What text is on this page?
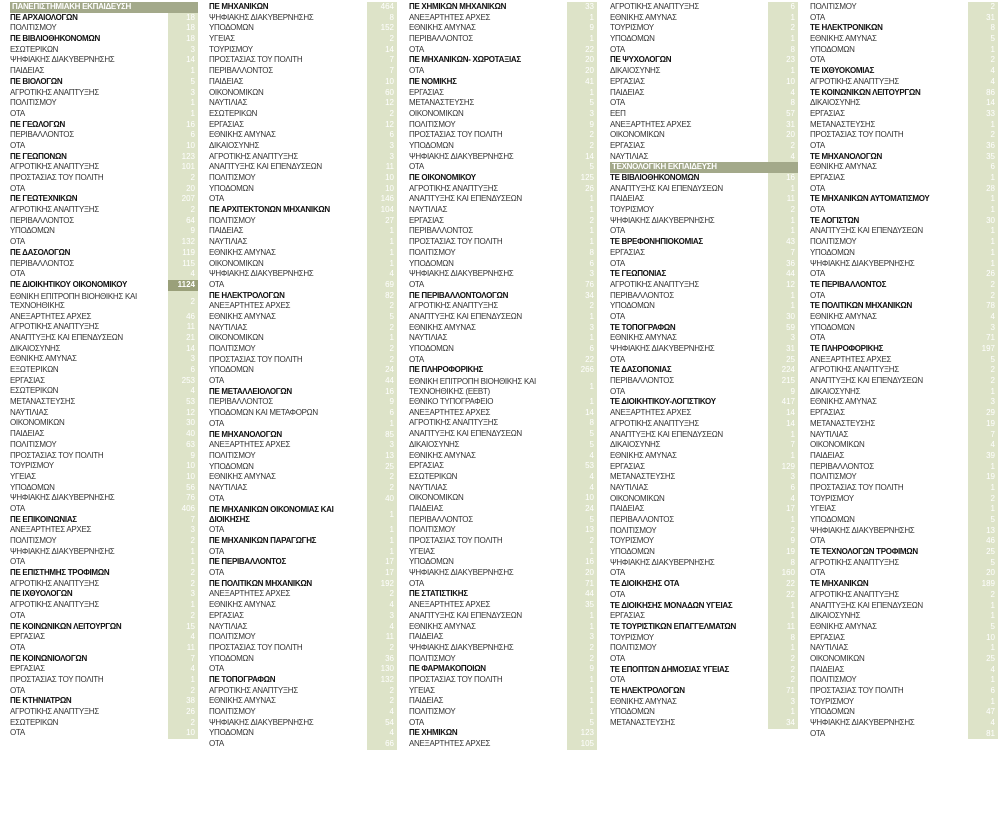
ΠΑΝΕΠΙΣΤΗΜΙΑΚΗ ΕΚΠΑΙΔΕΥΣΗ
ΠΕ ΑΡΧΑΙΟΛΟΓΩΝ	18
ΠΟΛΙΤΙΣΜΟΥ	18
ΠΕ ΒΙΒΛΙΟΘΗΚΟΝΟΜΩΝ	18
ΕΣΩΤΕΡΙΚΩΝ	3
ΨΗΦΙΑΚΗΣ ΔΙΑΚΥΒΕΡΝΗΣΗΣ	14
ΠΑΙΔΕΙΑΣ	1
ΠΕ ΒΙΟΛΟΓΩΝ	5
ΑΓΡΟΤΙΚΗΣ ΑΝΑΠΤΥΞΗΣ	3
ΠΟΛΙΤΙΣΜΟΥ	1
ΟΤΑ	1
ΠΕ ΓΕΩΛΟΓΩΝ	16
ΠΕΡΙΒΑΛΛΟΝΤΟΣ	6
ΟΤΑ	10
ΠΕ ΓΕΩΠΟΝΩΝ	123
ΑΓΡΟΤΙΚΗΣ ΑΝΑΠΤΥΞΗΣ	101
ΠΡΟΣΤΑΣΙΑΣ ΤΟΥ ΠΟΛΙΤΗ	2
ΟΤΑ	20
ΠΕ ΓΕΩΤΕΧΝΙΚΩΝ	207
ΑΓΡΟΤΙΚΗΣ ΑΝΑΠΤΥΞΗΣ	2
ΠΕΡΙΒΑΛΛΟΝΤΟΣ	64
ΥΠΟΔΟΜΩΝ	9
ΟΤΑ	132
ΠΕ ΔΑΣΟΛΟΓΩΝ	119
ΠΕΡΙΒΑΛΛΟΝΤΟΣ	115
ΟΤΑ	4
ΠΕ ΔΙΟΙΚΗΤΙΚΟΥ ΟΙΚΟΝΟΜΙΚΟΥ	1124
ΕΘΝΙΚΗ ΕΠΙΤΡΟΠΗ ΒΙΟΗΘΙΚΗΣ ΚΑΙ ΤΕΧΝΟΗΘΙΚΗΣ	2
ΑΝΕΞΑΡΤΗΤΕΣ ΑΡΧΕΣ	46
ΑΓΡΟΤΙΚΗΣ ΑΝΑΠΤΥΞΗΣ	11
ΑΝΑΠΤΥΞΗΣ ΚΑΙ ΕΠΕΝΔΥΣΕΩΝ	21
ΔΙΚΑΙΟΣΥΝΗΣ	14
ΕΘΝΙΚΗΣ ΑΜΥΝΑΣ	3
ΕΞΩΤΕΡΙΚΩΝ	6
ΕΡΓΑΣΙΑΣ	253
ΕΣΩΤΕΡΙΚΩΝ	4
ΜΕΤΑΝΑΣΤΕΥΣΗΣ	53
ΝΑΥΤΙΛΙΑΣ	12
ΟΙΚΟΝΟΜΙΚΩΝ	30
ΠΑΙΔΕΙΑΣ	40
ΠΟΛΙΤΙΣΜΟΥ	63
ΠΡΟΣΤΑΣΙΑΣ ΤΟΥ ΠΟΛΙΤΗ	9
ΤΟΥΡΙΣΜΟΥ	10
ΥΓΕΙΑΣ	10
ΥΠΟΔΟΜΩΝ	56
ΨΗΦΙΑΚΗΣ ΔΙΑΚΥΒΕΡΝΗΣΗΣ	76
ΟΤΑ	406
ΠΕ ΕΠΙΚΟΙΝΩΝΙΑΣ	7
ΑΝΕΞΑΡΤΗΤΕΣ ΑΡΧΕΣ	3
ΠΟΛΙΤΙΣΜΟΥ	2
ΨΗΦΙΑΚΗΣ ΔΙΑΚΥΒΕΡΝΗΣΗΣ	1
ΟΤΑ	1
ΠΕ ΕΠΙΣΤΗΜΗΣ ΤΡΟΦΙΜΩΝ	2
ΑΓΡΟΤΙΚΗΣ ΑΝΑΠΤΥΞΗΣ	2
ΠΕ ΙΧΘΥΟΛΟΓΩΝ	3
ΑΓΡΟΤΙΚΗΣ ΑΝΑΠΤΥΞΗΣ	1
ΟΤΑ	2
ΠΕ ΚΟΙΝΩΝΙΚΩΝ ΛΕΙΤΟΥΡΓΩΝ	15
ΕΡΓΑΣΙΑΣ	4
ΟΤΑ	11
ΠΕ ΚΟΙΝΩΝΙΟΛΟΓΩΝ	7
ΕΡΓΑΣΙΑΣ	4
ΠΡΟΣΤΑΣΙΑΣ ΤΟΥ ΠΟΛΙΤΗ	1
ΟΤΑ	2
ΠΕ ΚΤΗΝΙΑΤΡΩΝ	38
ΑΓΡΟΤΙΚΗΣ ΑΝΑΠΤΥΞΗΣ	26
ΕΣΩΤΕΡΙΚΩΝ	2
ΟΤΑ	10
ΠΕ ΜΗΧΑΝΙΚΩΝ	464
ΨΗΦΙΑΚΗΣ ΔΙΑΚΥΒΕΡΝΗΣΗΣ	8
ΥΠΟΔΟΜΩΝ	152
ΥΓΕΙΑΣ	2
ΤΟΥΡΙΣΜΟΥ	14
ΠΡΟΣΤΑΣΙΑΣ ΤΟΥ ΠΟΛΙΤΗ	7
ΠΕΡΙΒΑΛΛΟΝΤΟΣ	7
ΠΑΙΔΕΙΑΣ	10
ΟΙΚΟΝΟΜΙΚΩΝ	60
ΝΑΥΤΙΛΙΑΣ	12
ΕΣΩΤΕΡΙΚΩΝ	2
ΕΡΓΑΣΙΑΣ	12
ΕΘΝΙΚΗΣ ΑΜΥΝΑΣ	6
ΔΙΚΑΙΟΣΥΝΗΣ	3
ΑΓΡΟΤΙΚΗΣ ΑΝΑΠΤΥΞΗΣ	3
ΑΝΑΠΤΥΞΗΣ ΚΑΙ ΕΠΕΝΔΥΣΕΩΝ	11
ΠΟΛΙΤΙΣΜΟΥ	10
ΥΠΟΔΟΜΩΝ	10
ΟΤΑ	146
ΠΕ ΑΡΧΙΤΕΚΤΟΝΩΝ ΜΗΧΑΝΙΚΩΝ	104
ΠΟΛΙΤΙΣΜΟΥ	27
ΠΑΙΔΕΙΑΣ	1
ΝΑΥΤΙΛΙΑΣ	1
ΕΘΝΙΚΗΣ ΑΜΥΝΑΣ	1
ΟΙΚΟΝΟΜΙΚΩΝ	1
ΨΗΦΙΑΚΗΣ ΔΙΑΚΥΒΕΡΝΗΣΗΣ	4
ΟΤΑ	69
ΠΕ ΗΛΕΚΤΡΟΛΟΓΩΝ	82
ΑΝΕΞΑΡΤΗΤΕΣ ΑΡΧΕΣ	2
ΕΘΝΙΚΗΣ ΑΜΥΝΑΣ	5
ΝΑΥΤΙΛΙΑΣ	2
ΟΙΚΟΝΟΜΙΚΩΝ	1
ΠΟΛΙΤΙΣΜΟΥ	2
ΠΡΟΣΤΑΣΙΑΣ ΤΟΥ ΠΟΛΙΤΗ	2
ΥΠΟΔΟΜΩΝ	24
ΟΤΑ	44
ΠΕ ΜΕΤΑΛΛΕΙΟΛΟΓΩΝ	16
ΠΕΡΙΒΑΛΛΟΝΤΟΣ	9
ΥΠΟΔΟΜΩΝ ΚΑΙ ΜΕΤΑΦΟΡΩΝ	6
ΟΤΑ	1
ΠΕ ΜΗΧΑΝΟΛΟΓΩΝ	85
ΑΝΕΞΑΡΤΗΤΕΣ ΑΡΧΕΣ	3
ΠΟΛΙΤΙΣΜΟΥ	13
ΥΠΟΔΟΜΩΝ	25
ΕΘΝΙΚΗΣ ΑΜΥΝΑΣ	2
ΝΑΥΤΙΛΙΑΣ	2
ΟΤΑ	40
ΠΕ ΜΗΧΑΝΙΚΩΝ ΟΙΚΟΝΟΜΙΑΣ ΚΑΙ ΔΙΟΙΚΗΣΗΣ	1
ΟΤΑ	1
ΠΕ ΜΗΧΑΝΙΚΩΝ ΠΑΡΑΓΩΓΗΣ	1
ΟΤΑ	1
ΠΕ ΠΕΡΙΒΑΛΛΟΝΤΟΣ	17
ΟΤΑ	17
ΠΕ ΠΟΛΙΤΙΚΩΝ ΜΗΧΑΝΙΚΩΝ	192
ΑΝΕΞΑΡΤΗΤΕΣ ΑΡΧΕΣ	2
ΕΘΝΙΚΗΣ ΑΜΥΝΑΣ	4
ΕΡΓΑΣΙΑΣ	3
ΝΑΥΤΙΛΙΑΣ	4
ΠΟΛΙΤΙΣΜΟΥ	11
ΠΡΟΣΤΑΣΙΑΣ ΤΟΥ ΠΟΛΙΤΗ	2
ΥΠΟΔΟΜΩΝ	36
ΟΤΑ	130
ΠΕ ΤΟΠΟΓΡΑΦΩΝ	132
ΑΓΡΟΤΙΚΗΣ ΑΝΑΠΤΥΞΗΣ	2
ΕΘΝΙΚΗΣ ΑΜΥΝΑΣ	2
ΠΟΛΙΤΙΣΜΟΥ	4
ΨΗΦΙΑΚΗΣ ΔΙΑΚΥΒΕΡΝΗΣΗΣ	54
ΥΠΟΔΟΜΩΝ	4
ΟΤΑ	66
ΠΕ ΧΗΜΙΚΩΝ ΜΗΧΑΝΙΚΩΝ	33
ΑΝΕΞΑΡΤΗΤΕΣ ΑΡΧΕΣ	1
ΕΘΝΙΚΗΣ ΑΜΥΝΑΣ	9
ΠΕΡΙΒΑΛΛΟΝΤΟΣ	1
ΟΤΑ	22
ΠΕ ΜΗΧΑΝΙΚΩΝ- ΧΩΡΟΤΑΞΙΑΣ	20
ΟΤΑ	20
ΠΕ ΝΟΜΙΚΗΣ	41
ΕΡΓΑΣΙΑΣ	1
ΜΕΤΑΝΑΣΤΕΥΣΗΣ	5
ΟΙΚΟΝΟΜΙΚΩΝ	3
ΠΟΛΙΤΙΣΜΟΥ	9
ΠΡΟΣΤΑΣΙΑΣ ΤΟΥ ΠΟΛΙΤΗ	2
ΥΠΟΔΟΜΩΝ	2
ΨΗΦΙΑΚΗΣ ΔΙΑΚΥΒΕΡΝΗΣΗΣ	14
ΟΤΑ	5
ΠΕ ΟΙΚΟΝΟΜΙΚΟΥ	125
ΑΓΡΟΤΙΚΗΣ ΑΝΑΠΤΥΞΗΣ	26
ΑΝΑΠΤΥΞΗΣ ΚΑΙ ΕΠΕΝΔΥΣΕΩΝ	1
ΝΑΥΤΙΛΙΑΣ	1
ΕΡΓΑΣΙΑΣ	2
ΠΕΡΙΒΑΛΛΟΝΤΟΣ	1
ΠΡΟΣΤΑΣΙΑΣ ΤΟΥ ΠΟΛΙΤΗ	1
ΠΟΛΙΤΙΣΜΟΥ	8
ΥΠΟΔΟΜΩΝ	6
ΨΗΦΙΑΚΗΣ ΔΙΑΚΥΒΕΡΝΗΣΗΣ	3
ΟΤΑ	76
ΠΕ ΠΕΡΙΒΑΛΛΟΝΤΟΛΟΓΩΝ	34
ΑΓΡΟΤΙΚΗΣ ΑΝΑΠΤΥΞΗΣ	2
ΑΝΑΠΤΥΞΗΣ ΚΑΙ ΕΠΕΝΔΥΣΕΩΝ	1
ΕΘΝΙΚΗΣ ΑΜΥΝΑΣ	3
ΝΑΥΤΙΛΙΑΣ	1
ΥΠΟΔΟΜΩΝ	6
ΟΤΑ	22
ΠΕ ΠΛΗΡΟΦΟΡΙΚΗΣ	266
ΕΘΝΙΚΗ ΕΠΙΤΡΟΠΗ ΒΙΟΗΘΙΚΗΣ ΚΑΙ ΤΕΧΝΟΗΘΙΚΗΣ (ΕΕΒΤ)	1
ΕΘΝΙΚΟ ΤΥΠΟΓΡΑΦΕΙΟ	1
ΑΝΕΞΑΡΤΗΤΕΣ ΑΡΧΕΣ	14
ΑΓΡΟΤΙΚΗΣ ΑΝΑΠΤΥΞΗΣ	8
ΑΝΑΠΤΥΞΗΣ ΚΑΙ ΕΠΕΝΔΥΣΕΩΝ	5
ΔΙΚΑΙΟΣΥΝΗΣ	5
ΕΘΝΙΚΗΣ ΑΜΥΝΑΣ	4
ΕΡΓΑΣΙΑΣ	53
ΕΣΩΤΕΡΙΚΩΝ	4
ΝΑΥΤΙΛΙΑΣ	4
ΟΙΚΟΝΟΜΙΚΩΝ	10
ΠΑΙΔΕΙΑΣ	24
ΠΕΡΙΒΑΛΛΟΝΤΟΣ	5
ΠΟΛΙΤΙΣΜΟΥ	13
ΠΡΟΣΤΑΣΙΑΣ ΤΟΥ ΠΟΛΙΤΗ	2
ΥΓΕΙΑΣ	1
ΥΠΟΔΟΜΩΝ	16
ΨΗΦΙΑΚΗΣ ΔΙΑΚΥΒΕΡΝΗΣΗΣ	20
ΟΤΑ	71
ΠΕ ΣΤΑΤΙΣΤΙΚΗΣ	44
ΑΝΕΞΑΡΤΗΤΕΣ ΑΡΧΕΣ	35
ΑΝΑΠΤΥΞΗΣ ΚΑΙ ΕΠΕΝΔΥΣΕΩΝ	1
ΕΘΝΙΚΗΣ ΑΜΥΝΑΣ	1
ΠΑΙΔΕΙΑΣ	3
ΨΗΦΙΑΚΗΣ ΔΙΑΚΥΒΕΡΝΗΣΗΣ	2
ΠΟΛΙΤΙΣΜΟΥ	2
ΠΕ ΦΑΡΜΑΚΟΠΟΙΩΝ	9
ΠΡΟΣΤΑΣΙΑΣ ΤΟΥ ΠΟΛΙΤΗ	1
ΥΓΕΙΑΣ	1
ΠΑΙΔΕΙΑΣ	1
ΠΟΛΙΤΙΣΜΟΥ	1
ΟΤΑ	5
ΠΕ ΧΗΜΙΚΩΝ	123
ΑΝΕΞΑΡΤΗΤΕΣ ΑΡΧΕΣ	105
ΑΓΡΟΤΙΚΗΣ ΑΝΑΠΤΥΞΗΣ	6
ΕΘΝΙΚΗΣ ΑΜΥΝΑΣ	1
ΤΟΥΡΙΣΜΟΥ	2
ΥΠΟΔΟΜΩΝ	1
ΟΤΑ	8
ΠΕ ΨΥΧΟΛΟΓΩΝ	23
ΔΙΚΑΙΟΣΥΝΗΣ	1
ΕΡΓΑΣΙΑΣ	10
ΠΑΙΔΕΙΑΣ	4
ΟΤΑ	8
ΕΕΠ	57
ΑΝΕΞΑΡΤΗΤΕΣ ΑΡΧΕΣ	31
ΟΙΚΟΝΟΜΙΚΩΝ	20
ΕΡΓΑΣΙΑΣ	2
ΝΑΥΤΙΛΙΑΣ	4
ΤΕΧΝΟΛΟΓΙΚΗ ΕΚΠΑΙΔΕΥΣΗ
ΤΕ ΒΙΒΛΙΟΘΗΚΟΝΟΜΩΝ	16
ΑΝΑΠΤΥΞΗΣ ΚΑΙ ΕΠΕΝΔΥΣΕΩΝ	1
ΠΑΙΔΕΙΑΣ	11
ΤΟΥΡΙΣΜΟΥ	2
ΨΗΦΙΑΚΗΣ ΔΙΑΚΥΒΕΡΝΗΣΗΣ	1
ΟΤΑ	1
ΤΕ ΒΡΕΦΟΝΗΠΙΟΚΟΜΙΑΣ	43
ΕΡΓΑΣΙΑΣ	7
ΟΤΑ	36
ΤΕ ΓΕΩΠΟΝΙΑΣ	44
ΑΓΡΟΤΙΚΗΣ ΑΝΑΠΤΥΞΗΣ	12
ΠΕΡΙΒΑΛΛΟΝΤΟΣ	1
ΥΠΟΔΟΜΩΝ	1
ΟΤΑ	30
ΤΕ ΤΟΠΟΓΡΑΦΩΝ	59
ΕΘΝΙΚΗΣ ΑΜΥΝΑΣ	3
ΨΗΦΙΑΚΗΣ ΔΙΑΚΥΒΕΡΝΗΣΗΣ	31
ΟΤΑ	25
ΤΕ ΔΑΣΟΠΟΝΙΑΣ	224
ΠΕΡΙΒΑΛΛΟΝΤΟΣ	215
ΟΤΑ	9
ΤΕ ΔΙΟΙΚΗΤΙΚΟΥ-ΛΟΓΙΣΤΙΚΟΥ	417
ΑΝΕΞΑΡΤΗΤΕΣ ΑΡΧΕΣ	14
ΑΓΡΟΤΙΚΗΣ ΑΝΑΠΤΥΞΗΣ	14
ΑΝΑΠΤΥΞΗΣ ΚΑΙ ΕΠΕΝΔΥΣΕΩΝ	1
ΔΙΚΑΙΟΣΥΝΗΣ	7
ΕΘΝΙΚΗΣ ΑΜΥΝΑΣ	1
ΕΡΓΑΣΙΑΣ	129
ΜΕΤΑΝΑΣΤΕΥΣΗΣ	3
ΝΑΥΤΙΛΙΑΣ	6
ΟΙΚΟΝΟΜΙΚΩΝ	4
ΠΑΙΔΕΙΑΣ	17
ΠΕΡΙΒΑΛΛΟΝΤΟΣ	1
ΠΟΛΙΤΙΣΜΟΥ	2
ΤΟΥΡΙΣΜΟΥ	9
ΥΠΟΔΟΜΩΝ	19
ΨΗΦΙΑΚΗΣ ΔΙΑΚΥΒΕΡΝΗΣΗΣ	8
ΟΤΑ	160
ΤΕ ΔΙΟΙΚΗΣΗΣ ΟΤΑ	22
ΟΤΑ	22
ΤΕ ΔΙΟΙΚΗΣΗΣ ΜΟΝΑΔΩΝ ΥΓΕΙΑΣ	1
ΕΡΓΑΣΙΑΣ	1
ΤΕ ΤΟΥΡΙΣΤΙΚΩΝ ΕΠΑΓΓΕΛΜΑΤΩΝ	11
ΤΟΥΡΙΣΜΟΥ	8
ΠΟΛΙΤΙΣΜΟΥ	1
ΟΤΑ	2
ΤΕ ΕΠΟΠΤΩΝ ΔΗΜΟΣΙΑΣ ΥΓΕΙΑΣ	2
ΟΤΑ	2
ΤΕ ΗΛΕΚΤΡΟΛΟΓΩΝ	71
ΕΘΝΙΚΗΣ ΑΜΥΝΑΣ	3
ΥΠΟΔΟΜΩΝ	1
ΜΕΤΑΝΑΣΤΕΥΣΗΣ	34
ΠΟΛΙΤΙΣΜΟΥ	2
ΟΤΑ	31
ΤΕ ΗΛΕΚΤΡΟΝΙΚΩΝ	8
ΕΘΝΙΚΗΣ ΑΜΥΝΑΣ	5
ΥΠΟΔΟΜΩΝ	1
ΟΤΑ	2
ΤΕ ΙΧΘΥΟΚΟΜΙΑΣ	4
ΑΓΡΟΤΙΚΗΣ ΑΝΑΠΤΥΞΗΣ	4
ΤΕ ΚΟΙΝΩΝΙΚΩΝ ΛΕΙΤΟΥΡΓΩΝ	86
ΔΙΚΑΙΟΣΥΝΗΣ	14
ΕΡΓΑΣΙΑΣ	33
ΜΕΤΑΝΑΣΤΕΥΣΗΣ	1
ΠΡΟΣΤΑΣΙΑΣ ΤΟΥ ΠΟΛΙΤΗ	2
ΟΤΑ	36
ΤΕ ΜΗΧΑΝΟΛΟΓΩΝ	35
ΕΘΝΙΚΗΣ ΑΜΥΝΑΣ	6
ΕΡΓΑΣΙΑΣ	1
ΟΤΑ	28
ΤΕ ΜΗΧΑΝΙΚΩΝ ΑΥΤΟΜΑΤΙΣΜΟΥ	1
ΟΤΑ	1
ΤΕ ΛΟΓΙΣΤΩΝ	30
ΑΝΑΠΤΥΞΗΣ ΚΑΙ ΕΠΕΝΔΥΣΕΩΝ	1
ΠΟΛΙΤΙΣΜΟΥ	1
ΥΠΟΔΟΜΩΝ	1
ΨΗΦΙΑΚΗΣ ΔΙΑΚΥΒΕΡΝΗΣΗΣ	1
ΟΤΑ	26
ΤΕ ΠΕΡΙΒΑΛΛΟΝΤΟΣ	2
ΟΤΑ	2
ΤΕ ΠΟΛΙΤΙΚΩΝ ΜΗΧΑΝΙΚΩΝ	78
ΕΘΝΙΚΗΣ ΑΜΥΝΑΣ	4
ΥΠΟΔΟΜΩΝ	3
ΟΤΑ	71
ΤΕ ΠΛΗΡΟΦΟΡΙΚΗΣ	197
ΑΝΕΞΑΡΤΗΤΕΣ ΑΡΧΕΣ	5
ΑΓΡΟΤΙΚΗΣ ΑΝΑΠΤΥΞΗΣ	2
ΑΝΑΠΤΥΞΗΣ ΚΑΙ ΕΠΕΝΔΥΣΕΩΝ	2
ΔΙΚΑΙΟΣΥΝΗΣ	1
ΕΘΝΙΚΗΣ ΑΜΥΝΑΣ	3
ΕΡΓΑΣΙΑΣ	29
ΜΕΤΑΝΑΣΤΕΥΣΗΣ	19
ΝΑΥΤΙΛΙΑΣ	7
ΟΙΚΟΝΟΜΙΚΩΝ	4
ΠΑΙΔΕΙΑΣ	39
ΠΕΡΙΒΑΛΛΟΝΤΟΣ	1
ΠΟΛΙΤΙΣΜΟΥ	19
ΠΡΟΣΤΑΣΙΑΣ ΤΟΥ ΠΟΛΙΤΗ	1
ΤΟΥΡΙΣΜΟΥ	2
ΥΓΕΙΑΣ	1
ΥΠΟΔΟΜΩΝ	5
ΨΗΦΙΑΚΗΣ ΔΙΑΚΥΒΕΡΝΗΣΗΣ	13
ΟΤΑ	46
ΤΕ ΤΕΧΝΟΛΟΓΩΝ ΤΡΟΦΙΜΩΝ	25
ΑΓΡΟΤΙΚΗΣ ΑΝΑΠΤΥΞΗΣ	5
ΟΤΑ	20
ΤΕ ΜΗΧΑΝΙΚΩΝ	189
ΑΓΡΟΤΙΚΗΣ ΑΝΑΠΤΥΞΗΣ	2
ΑΝΑΠΤΥΞΗΣ ΚΑΙ ΕΠΕΝΔΥΣΕΩΝ	1
ΔΙΚΑΙΟΣΥΝΗΣ	1
ΕΘΝΙΚΗΣ ΑΜΥΝΑΣ	5
ΕΡΓΑΣΙΑΣ	10
ΝΑΥΤΙΛΙΑΣ	1
ΟΙΚΟΝΟΜΙΚΩΝ	25
ΠΑΙΔΕΙΑΣ	4
ΠΟΛΙΤΙΣΜΟΥ	1
ΠΡΟΣΤΑΣΙΑΣ ΤΟΥ ΠΟΛΙΤΗ	6
ΤΟΥΡΙΣΜΟΥ	1
ΥΠΟΔΟΜΩΝ	47
ΨΗΦΙΑΚΗΣ ΔΙΑΚΥΒΕΡΝΗΣΗΣ	4
ΟΤΑ	81
